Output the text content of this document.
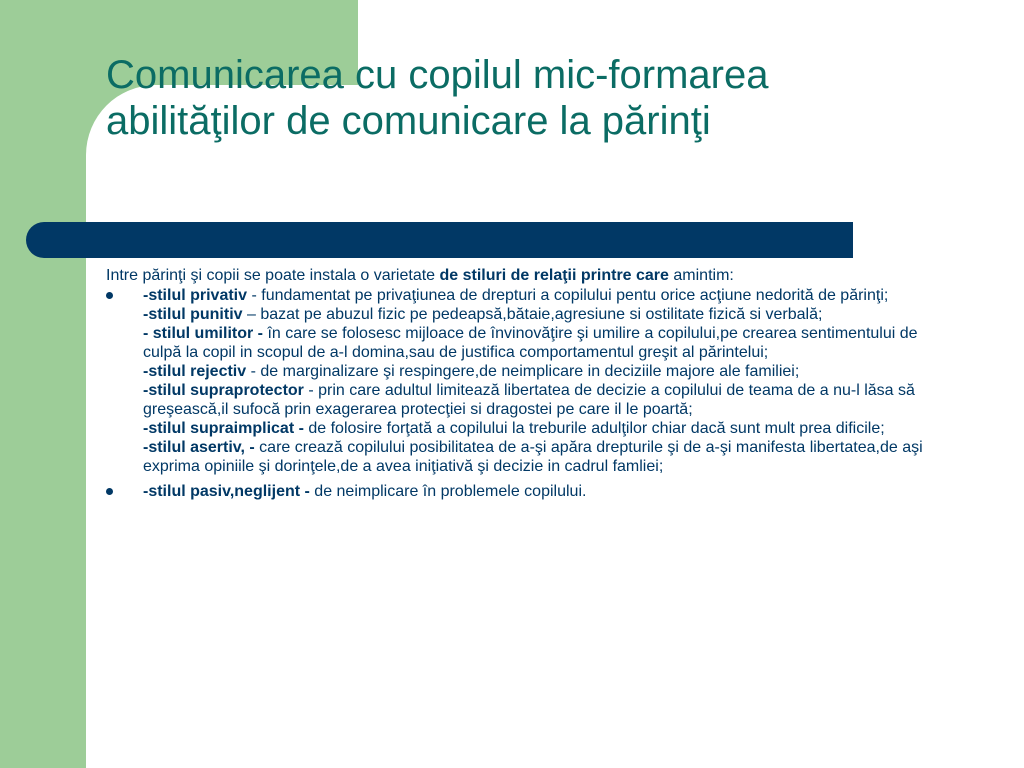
Comunicarea cu copilul mic-formarea
abilităţilor de comunicare la părinţi

Intre părinţi şi copii se poate instala o varietate de stiluri de relaţii printre care amintim:

-stilul privativ - fundamentat pe privaţiunea de drepturi a copilului pentu orice acţiune nedorită de părinţi;
-stilul punitiv – bazat pe abuzul fizic pe pedeapsă,bătaie,agresiune si ostilitate fizică si verbală;
- stilul umilitor - în care se folosesc mijloace de învinovăţire şi umilire a copilului,pe crearea sentimentului de culpă la copil in scopul de a-l domina,sau de justifica comportamentul greşit al părintelui;
-stilul rejectiv - de marginalizare şi respingere,de neimplicare in deciziile majore ale familiei;
-stilul supraprotector - prin care adultul limitează libertatea de decizie a copilului de teama de a nu-l lăsa să greşească,il sufocă prin exagerarea protecţiei si dragostei pe care il le poartă;
-stilul supraimplicat - de folosire forţată a copilului la treburile adulţilor chiar dacă sunt mult prea dificile;
-stilul asertiv, - care crează copilului posibilitatea de a-şi apăra drepturile şi de a-şi manifesta libertatea,de aşi exprima opiniile şi dorinţele,de a avea iniţiativă şi decizie in cadrul famliei;
-stilul pasiv,neglijent - de neimplicare în problemele copilului.
